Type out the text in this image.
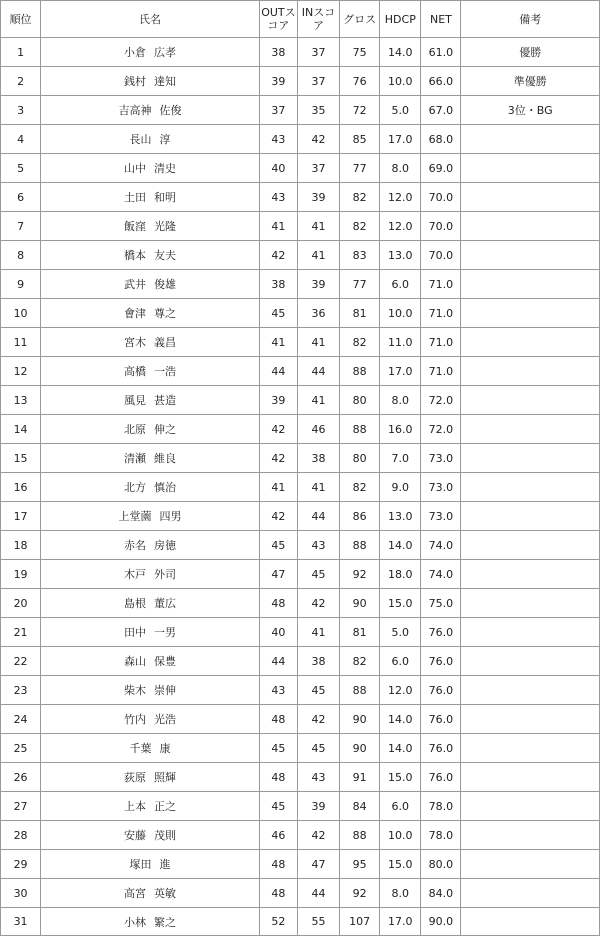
順位	氏名	OUTスコア	INスコア	グロス	HDCP	NET	備考
1	小倉 広孝	38	37	75	14.0	61.0	優勝
2	銭村 達知	39	37	76	10.0	66.0	準優勝
3	吉高神 佐俊	37	35	72	5.0	67.0	3位・BG
4	長山 淳	43	42	85	17.0	68.0	
5	山中 清史	40	37	77	8.0	69.0	
6	土田 和明	43	39	82	12.0	70.0	
7	飯窪 光隆	41	41	82	12.0	70.0	
8	橋本 友夫	42	41	83	13.0	70.0	
9	武井 俊雄	38	39	77	6.0	71.0	
10	會津 尊之	45	36	81	10.0	71.0	
11	宮木 義昌	41	41	82	11.0	71.0	
12	高橋 一浩	44	44	88	17.0	71.0	
13	風見 甚造	39	41	80	8.0	72.0	
14	北原 伸之	42	46	88	16.0	72.0	
15	清瀬 維良	42	38	80	7.0	73.0	
16	北方 慎治	41	41	82	9.0	73.0	
17	上堂薗 四男	42	44	86	13.0	73.0	
18	赤名 房徳	45	43	88	14.0	74.0	
19	木戸 外司	47	45	92	18.0	74.0	
20	島根 董広	48	42	90	15.0	75.0	
21	田中 一男	40	41	81	5.0	76.0	
22	森山 保豊	44	38	82	6.0	76.0	
23	柴木 崇伸	43	45	88	12.0	76.0	
24	竹内 光浩	48	42	90	14.0	76.0	
25	千葉 康	45	45	90	14.0	76.0	
26	荻原 照輝	48	43	91	15.0	76.0	
27	上本 正之	45	39	84	6.0	78.0	
28	安藤 茂則	46	42	88	10.0	78.0	
29	塚田 進	48	47	95	15.0	80.0	
30	高宮 英敏	48	44	92	8.0	84.0	
31	小林 繁之	52	55	107	17.0	90.0	
